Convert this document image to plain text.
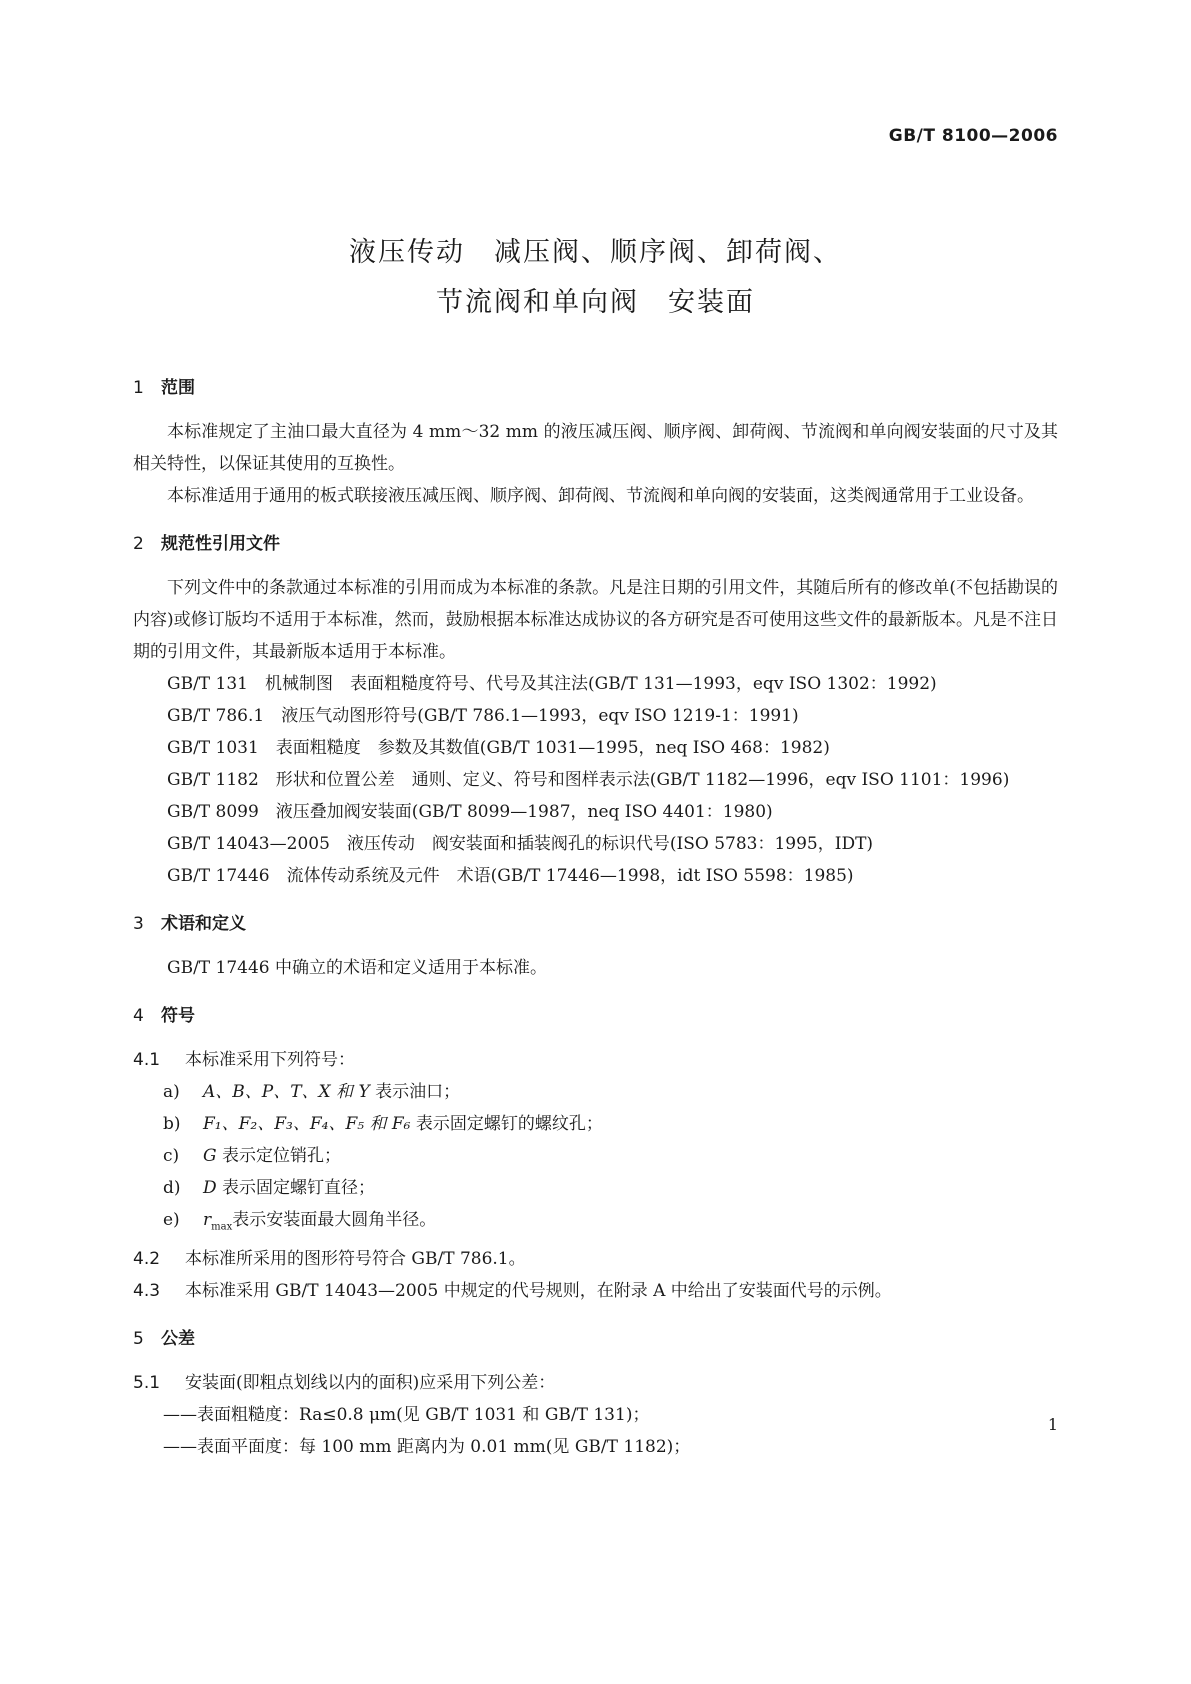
GB/T 8100—2006
液压传动　减压阀、顺序阀、卸荷阀、
节流阀和单向阀　安装面
1 范围

本标准规定了主油口最大直径为 4 mm～32 mm 的液压减压阀、顺序阀、卸荷阀、节流阀和单向阀安装面的尺寸及其相关特性，以保证其使用的互换性。

本标准适用于通用的板式联接液压减压阀、顺序阀、卸荷阀、节流阀和单向阀的安装面，这类阀通常用于工业设备。

2 规范性引用文件

下列文件中的条款通过本标准的引用而成为本标准的条款。凡是注日期的引用文件，其随后所有的修改单(不包括勘误的内容)或修订版均不适用于本标准，然而，鼓励根据本标准达成协议的各方研究是否可使用这些文件的最新版本。凡是不注日期的引用文件，其最新版本适用于本标准。

GB/T 131　机械制图　表面粗糙度符号、代号及其注法(GB/T 131—1993，eqv ISO 1302：1992)

GB/T 786.1　液压气动图形符号(GB/T 786.1—1993，eqv ISO 1219-1：1991)

GB/T 1031　表面粗糙度　参数及其数值(GB/T 1031—1995，neq ISO 468：1982)

GB/T 1182　形状和位置公差　通则、定义、符号和图样表示法(GB/T 1182—1996，eqv ISO 1101：1996)

GB/T 8099　液压叠加阀安装面(GB/T 8099—1987，neq ISO 4401：1980)

GB/T 14043—2005　液压传动　阀安装面和插装阀孔的标识代号(ISO 5783：1995，IDT)

GB/T 17446　流体传动系统及元件　术语(GB/T 17446—1998，idt ISO 5598：1985)

3 术语和定义

GB/T 17446 中确立的术语和定义适用于本标准。

4 符号

4.1 本标准采用下列符号：

a) A、B、P、T、X 和 Y 表示油口；

b) F₁、F₂、F₃、F₄、F₅ 和 F₆ 表示固定螺钉的螺纹孔；

c) G 表示定位销孔；

d) D 表示固定螺钉直径；

e) $r_{max}$表示安装面最大圆角半径。

4.2 本标准所采用的图形符号符合 GB/T 786.1。

4.3 本标准采用 GB/T 14043—2005 中规定的代号规则，在附录 A 中给出了安装面代号的示例。

5 公差

5.1 安装面(即粗点划线以内的面积)应采用下列公差：

——表面粗糙度：Ra≤0.8 μm(见 GB/T 1031 和 GB/T 131)；

——表面平面度：每 100 mm 距离内为 0.01 mm(见 GB/T 1182)；

1
